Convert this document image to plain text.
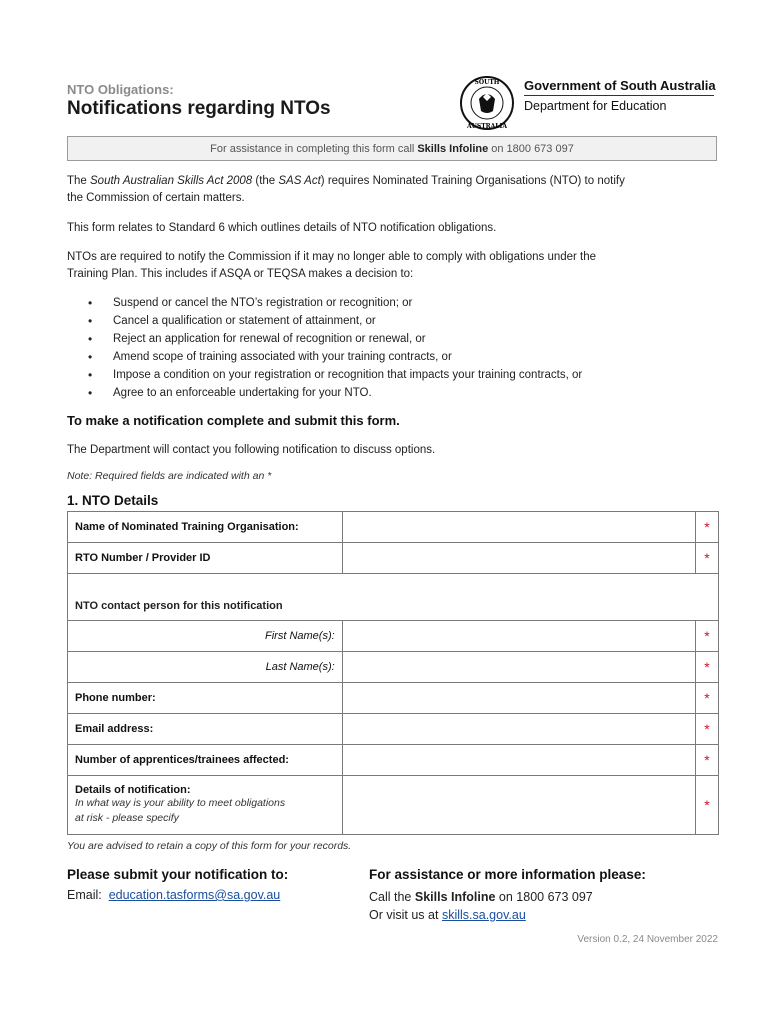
NTO Obligations:
Notifications regarding NTOs
SOUTH
AUSTRALIA
Government of South Australia
Department for Education
For assistance in completing this form call Skills Infoline on 1800 673 097
The South Australian Skills Act 2008 (the SAS Act) requires Nominated Training Organisations (NTO) to notify
the Commission of certain matters.
This form relates to Standard 6 which outlines details of NTO notification obligations.
NTOs are required to notify the Commission if it may no longer able to comply with obligations under the
Training Plan. This includes if ASQA or TEQSA makes a decision to:
• Suspend or cancel the NTO’s registration or recognition; or
• Cancel a qualification or statement of attainment, or
• Reject an application for renewal of recognition or renewal, or
• Amend scope of training associated with your training contracts, or
• Impose a condition on your registration or recognition that impacts your training contracts, or
• Agree to an enforceable undertaking for your NTO.
To make a notification complete and submit this form.
The Department will contact you following notification to discuss options.
Note: Required fields are indicated with an *
1. NTO Details
Name of Nominated Training Organisation:		*
RTO Number / Provider ID		*
NTO contact person for this notification		
First Name(s):		*
Last Name(s):		*
Phone number:		*
Email address:		*
Number of apprentices/trainees affected:		*
Details of notification:
In what way is your ability to meet obligations
at risk - please specify		*
You are advised to retain a copy of this form for your records.
Please submit your notification to:
Email: education.tasforms@sa.gov.au
For assistance or more information please:
Call the Skills Infoline on 1800 673 097
Or visit us at skills.sa.gov.au
Version 0.2, 24 November 2022
